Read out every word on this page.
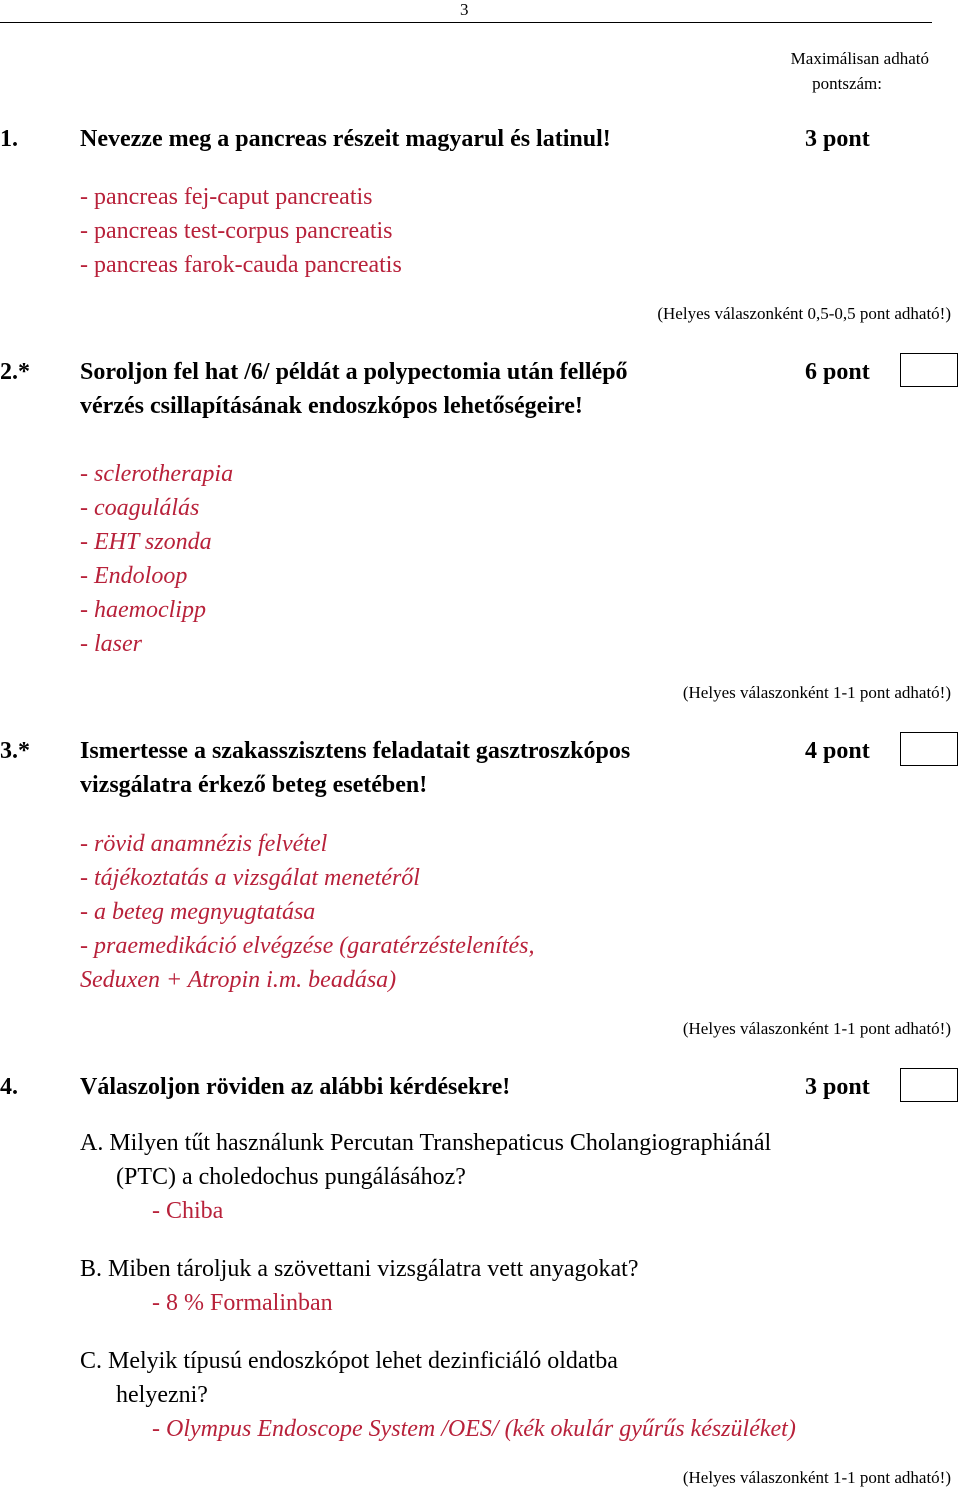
3
Maximálisan adható
pontszám:
1.	Nevezze meg a pancreas részeit magyarul és latinul!	3 pont
- pancreas fej-caput pancreatis
- pancreas test-corpus pancreatis
- pancreas farok-cauda pancreatis
(Helyes válaszonként 0,5-0,5 pont adható!)
2.* Soroljon fel hat /6/ példát a polypectomia után fellépő
vérzés csillapításának endoszkópos lehetőségeire!
6 pont
- sclerotherapia
- coagulálás
- EHT szonda
- Endoloop
- haemoclipp
- laser
(Helyes válaszonként 1-1 pont adható!)
3.* Ismertesse a szakasszisztens feladatait gasztroszkópos
vizsgálatra érkező beteg esetében!
4 pont
- rövid anamnézis felvétel
- tájékoztatás a vizsgálat menetéről
- a beteg megnyugtatása
- praemedikáció elvégzése (garatérzéstelenítés,
Seduxen + Atropin i.m. beadása)
(Helyes válaszonként 1-1 pont adható!)
4.	Válaszoljon röviden az alábbi kérdésekre!	3 pont
A. Milyen tűt használunk Percutan Transhepaticus Cholangiographiánál
(PTC) a choledochus pungálásához?
- Chiba
B. Miben tároljuk a szövettani vizsgálatra vett anyagokat?
- 8 % Formalinban
C. Melyik típusú endoszkópot lehet dezinficiáló oldatba
helyezni?
- Olympus Endoscope System /OES/ (kék okulár gyűrűs készüléket)
(Helyes válaszonként 1-1 pont adható!)
